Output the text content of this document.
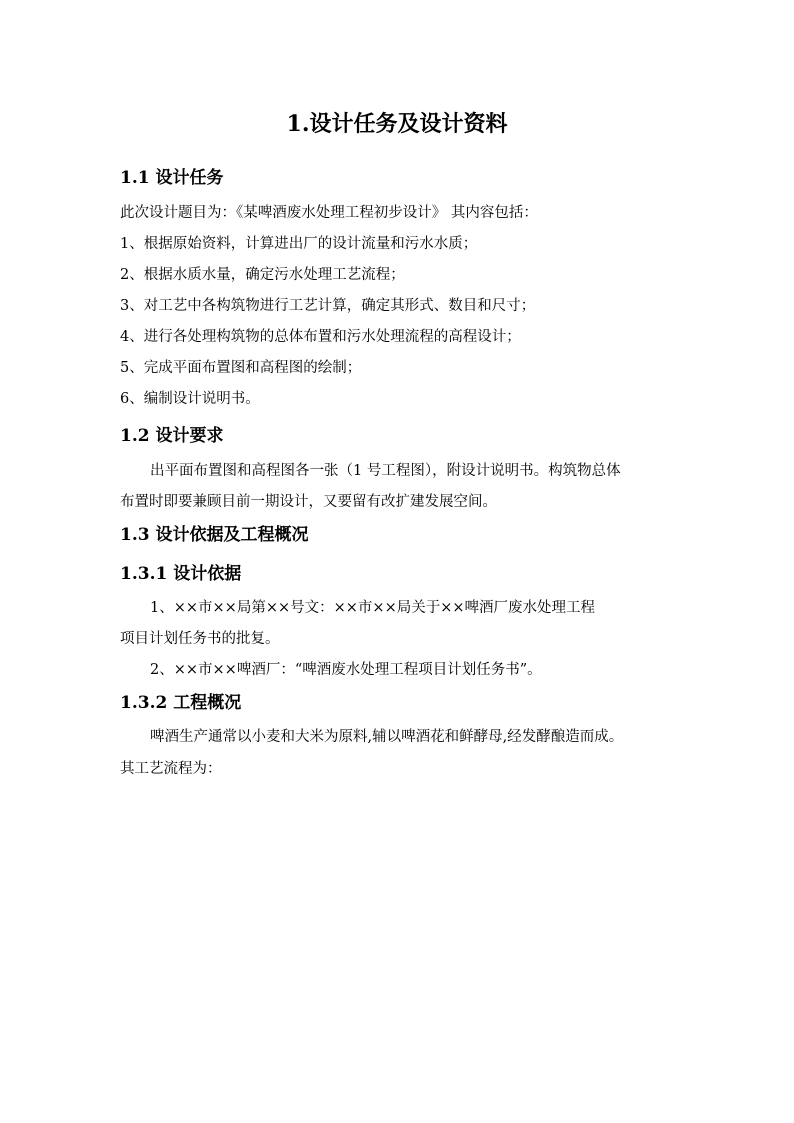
1.设计任务及设计资料
1.1 设计任务

此次设计题目为：《某啤酒废水处理工程初步设计》 其内容包括：

1、根据原始资料，计算进出厂的设计流量和污水水质；

2、根据水质水量，确定污水处理工艺流程；

3、对工艺中各构筑物进行工艺计算，确定其形式、数目和尺寸；

4、进行各处理构筑物的总体布置和污水处理流程的高程设计；

5、完成平面布置图和高程图的绘制；

6、编制设计说明书。

1.2 设计要求

出平面布置图和高程图各一张（1 号工程图），附设计说明书。构筑物总体

布置时即要兼顾目前一期设计，又要留有改扩建发展空间。

1.3 设计依据及工程概况
1.3.1 设计依据

1、××市××局第××号文：××市××局关于××啤酒厂废水处理工程

项目计划任务书的批复。

2、××市××啤酒厂：“啤酒废水处理工程项目计划任务书”。

1.3.2 工程概况

啤酒生产通常以小麦和大米为原料,辅以啤酒花和鲜酵母,经发酵酿造而成。

其工艺流程为：
